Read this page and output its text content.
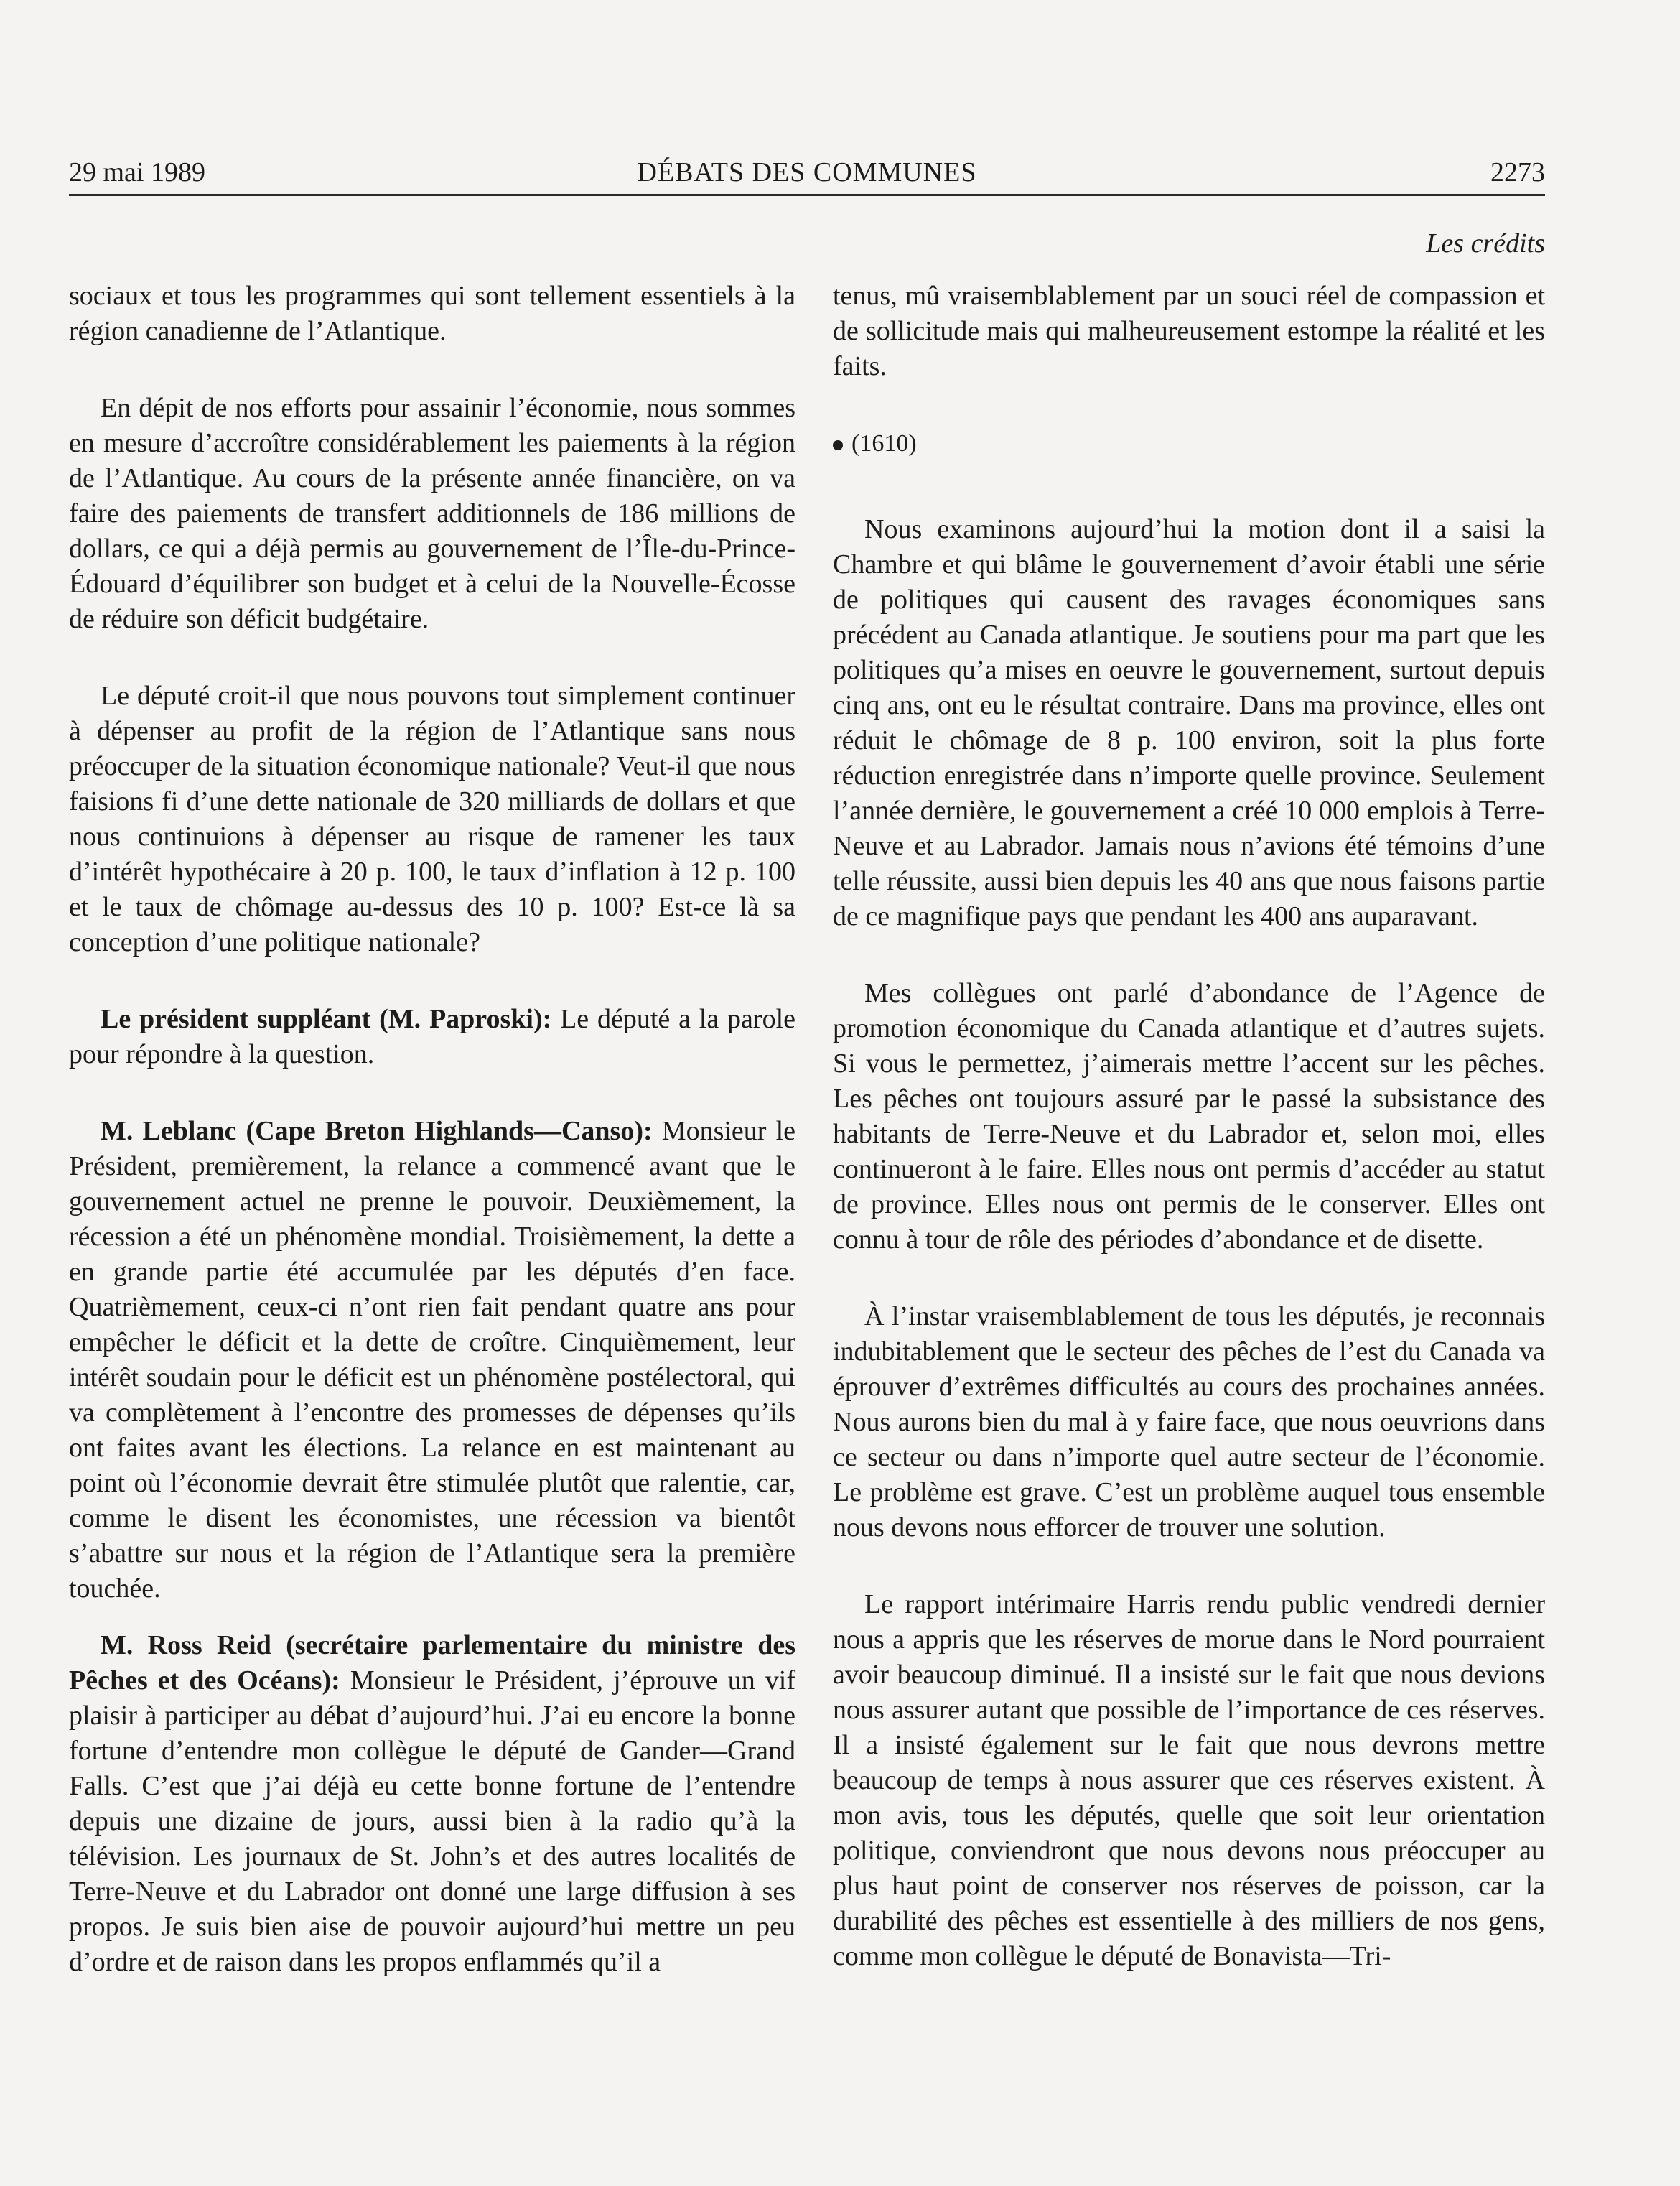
29 mai 1989	DÉBATS DES COMMUNES	2273
Les crédits

sociaux et tous les programmes qui sont tellement essentiels à la région canadienne de l’Atlantique.

En dépit de nos efforts pour assainir l’économie, nous sommes en mesure d’accroître considérablement les paiements à la région de l’Atlantique. Au cours de la présente année financière, on va faire des paiements de transfert additionnels de 186 millions de dollars, ce qui a déjà permis au gouvernement de l’Île-du-Prince-Édouard d’équilibrer son budget et à celui de la Nouvelle-Écosse de réduire son déficit budgétaire.

Le député croit-il que nous pouvons tout simplement continuer à dépenser au profit de la région de l’Atlantique sans nous préoccuper de la situation économique nationale? Veut-il que nous faisions fi d’une dette nationale de 320 milliards de dollars et que nous continuions à dépenser au risque de ramener les taux d’intérêt hypothécaire à 20 p. 100, le taux d’inflation à 12 p. 100 et le taux de chômage au-dessus des 10 p. 100? Est-ce là sa conception d’une politique nationale?

Le président suppléant (M. Paproski): Le député a la parole pour répondre à la question.

M. Leblanc (Cape Breton Highlands—Canso): Monsieur le Président, premièrement, la relance a commencé avant que le gouvernement actuel ne prenne le pouvoir. Deuxièmement, la récession a été un phénomène mondial. Troisièmement, la dette a en grande partie été accumulée par les députés d’en face. Quatrièmement, ceux-ci n’ont rien fait pendant quatre ans pour empêcher le déficit et la dette de croître. Cinquièmement, leur intérêt soudain pour le déficit est un phénomène postélectoral, qui va complètement à l’encontre des promesses de dépenses qu’ils ont faites avant les élections. La relance en est maintenant au point où l’économie devrait être stimulée plutôt que ralentie, car, comme le disent les économistes, une récession va bientôt s’abattre sur nous et la région de l’Atlantique sera la première touchée.

M. Ross Reid (secrétaire parlementaire du ministre des Pêches et des Océans): Monsieur le Président, j’éprouve un vif plaisir à participer au débat d’aujourd’hui. J’ai eu encore la bonne fortune d’entendre mon collègue le député de Gander—Grand Falls. C’est que j’ai déjà eu cette bonne fortune de l’entendre depuis une dizaine de jours, aussi bien à la radio qu’à la télévision. Les journaux de St. John’s et des autres localités de Terre-Neuve et du Labrador ont donné une large diffusion à ses propos. Je suis bien aise de pouvoir aujourd’hui mettre un peu d’ordre et de raison dans les propos enflammés qu’il a

tenus, mû vraisemblablement par un souci réel de compassion et de sollicitude mais qui malheureusement estompe la réalité et les faits.

(1610)

Nous examinons aujourd’hui la motion dont il a saisi la Chambre et qui blâme le gouvernement d’avoir établi une série de politiques qui causent des ravages économiques sans précédent au Canada atlantique. Je soutiens pour ma part que les politiques qu’a mises en oeuvre le gouvernement, surtout depuis cinq ans, ont eu le résultat contraire. Dans ma province, elles ont réduit le chômage de 8 p. 100 environ, soit la plus forte réduction enregistrée dans n’importe quelle province. Seulement l’année dernière, le gouvernement a créé 10 000 emplois à Terre-Neuve et au Labrador. Jamais nous n’avions été témoins d’une telle réussite, aussi bien depuis les 40 ans que nous faisons partie de ce magnifique pays que pendant les 400 ans auparavant.

Mes collègues ont parlé d’abondance de l’Agence de promotion économique du Canada atlantique et d’autres sujets. Si vous le permettez, j’aimerais mettre l’accent sur les pêches. Les pêches ont toujours assuré par le passé la subsistance des habitants de Terre-Neuve et du Labrador et, selon moi, elles continueront à le faire. Elles nous ont permis d’accéder au statut de province. Elles nous ont permis de le conserver. Elles ont connu à tour de rôle des périodes d’abondance et de disette.

À l’instar vraisemblablement de tous les députés, je reconnais indubitablement que le secteur des pêches de l’est du Canada va éprouver d’extrêmes difficultés au cours des prochaines années. Nous aurons bien du mal à y faire face, que nous oeuvrions dans ce secteur ou dans n’importe quel autre secteur de l’économie. Le problème est grave. C’est un problème auquel tous ensemble nous devons nous efforcer de trouver une solution.

Le rapport intérimaire Harris rendu public vendredi dernier nous a appris que les réserves de morue dans le Nord pourraient avoir beaucoup diminué. Il a insisté sur le fait que nous devions nous assurer autant que possible de l’importance de ces réserves. Il a insisté également sur le fait que nous devrons mettre beaucoup de temps à nous assurer que ces réserves existent. À mon avis, tous les députés, quelle que soit leur orientation politique, conviendront que nous devons nous préoccuper au plus haut point de conserver nos réserves de poisson, car la durabilité des pêches est essentielle à des milliers de nos gens, comme mon collègue le député de Bonavista—Tri-
